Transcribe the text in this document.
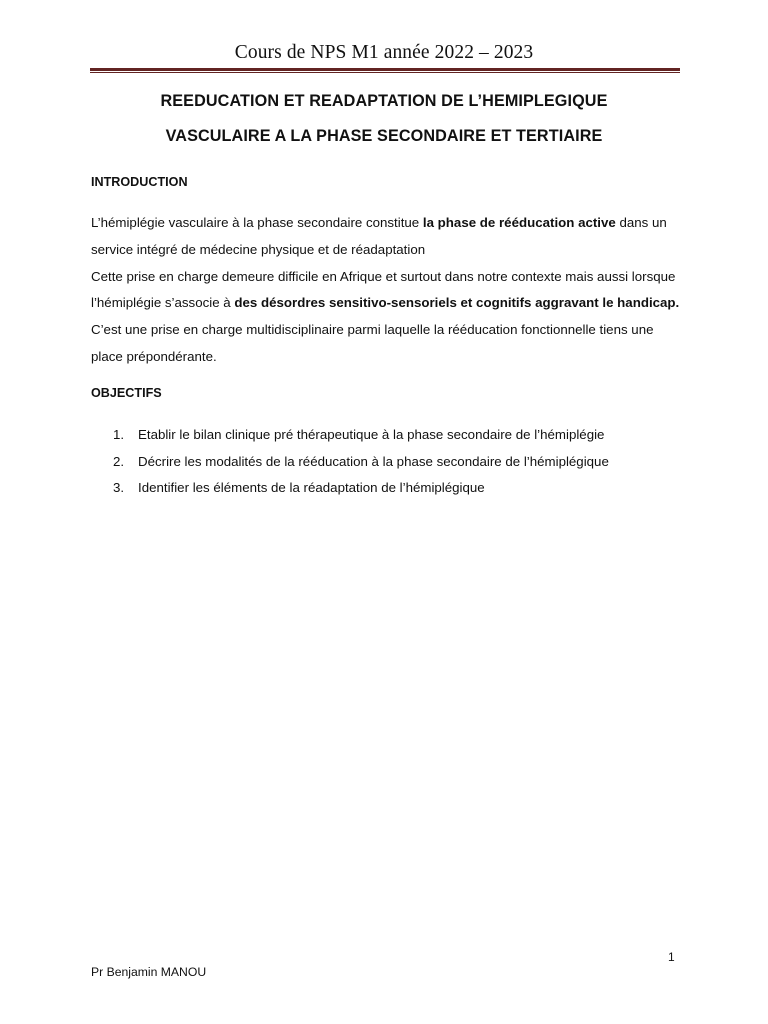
Cours de NPS M1 année 2022 – 2023
REEDUCATION ET READAPTATION DE L’HEMIPLEGIQUE
VASCULAIRE A LA PHASE SECONDAIRE ET TERTIAIRE
INTRODUCTION

L’hémiplégie vasculaire à la phase secondaire constitue la phase de rééducation active dans un service intégré de médecine physique et de réadaptation

Cette prise en charge demeure difficile en Afrique et surtout dans notre contexte mais aussi lorsque l’hémiplégie s’associe à des désordres sensitivo-sensoriels et cognitifs aggravant le handicap. C’est une prise en charge multidisciplinaire parmi laquelle la rééducation fonctionnelle tiens une place prépondérante.

OBJECTIFS
1. Etablir le bilan clinique pré thérapeutique à la phase secondaire de l’hémiplégie
2. Décrire les modalités de la rééducation à la phase secondaire de l’hémiplégique
3. Identifier les éléments de la réadaptation de l’hémiplégique
1
Pr Benjamin MANOU
